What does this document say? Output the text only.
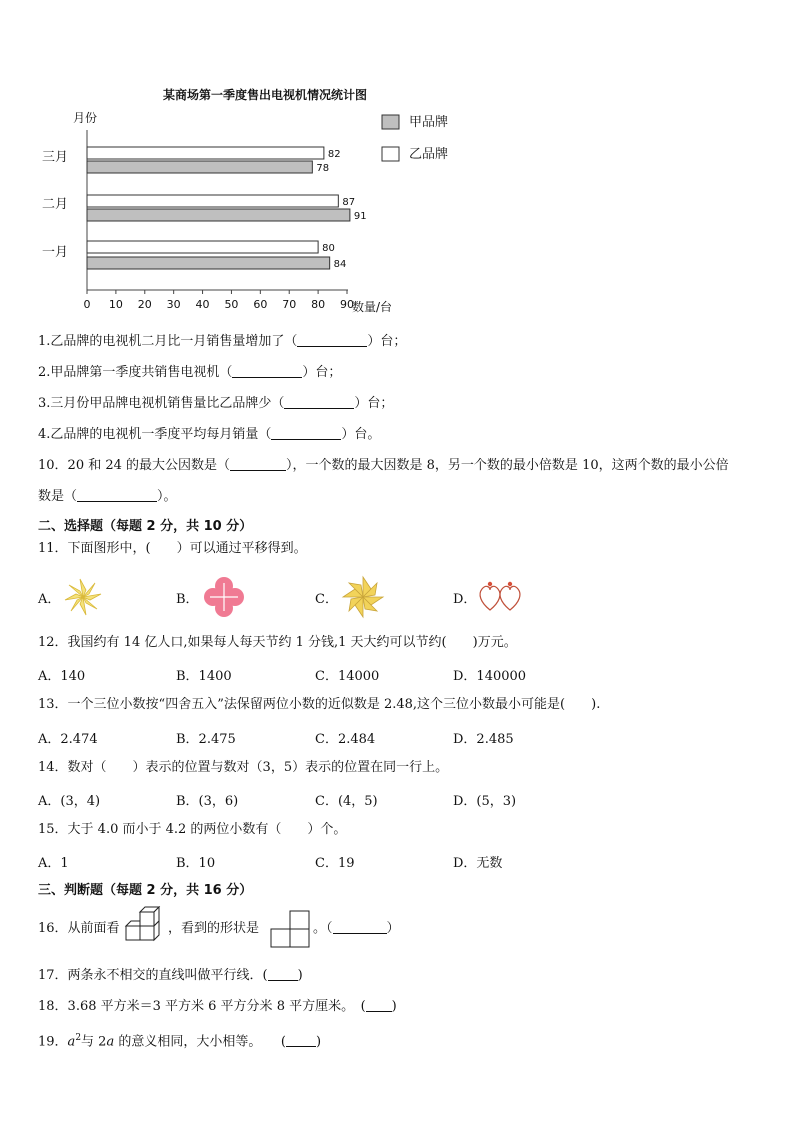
某商场第一季度售出电视机情况统计图
月份
数量/台
0 10 20 30 40 50 60 70 80 90
一月	80
84
二月	87
91
三月	82
78
甲品牌
乙品牌
1.乙品牌的电视机二月比一月销售量增加了（	）台；
2.甲品牌第一季度共销售电视机（	）台；
3.三月份甲品牌电视机销售量比乙品牌少（	）台；
4.乙品牌的电视机一季度平均每月销量（	）台。
10．20 和 24 的最大公因数是（	），一个数的最大因数是 8，另一个数的最小倍数是 10，这两个数的最小公倍
数是（	）。
二、选择题（每题 2 分，共 10 分）
11．下面图形中，(　　）可以通过平移得到。
A．	B．	C．	D．
12．我国约有 14 亿人口,如果每人每天节约 1 分钱,1 天大约可以节约(　　)万元。
A．140	B．1400	C．14000	D．140000
13．一个三位小数按“四舍五入”法保留两位小数的近似数是 2.48,这个三位小数最小可能是(　　).
A．2.474	B．2.475	C．2.484	D．2.485
14．数对（　　）表示的位置与数对（3，5）表示的位置在同一行上。
A．(3，4)	B．(3，6)	C．(4，5)	D．(5，3)
15．大于 4.0 而小于 4.2 的两位小数有（　　）个。
A．1	B．10	C．19	D．无数
三、判断题（每题 2 分，共 16 分）
16．从前面看	，看到的形状是	。（	）
17．两条永不相交的直线叫做平行线．( )
18．3.68 平方米＝3 平方米 6 平方分米 8 平方厘米。　( )
19．$a^2$与 2a 的意义相同，大小相等。　　( )
